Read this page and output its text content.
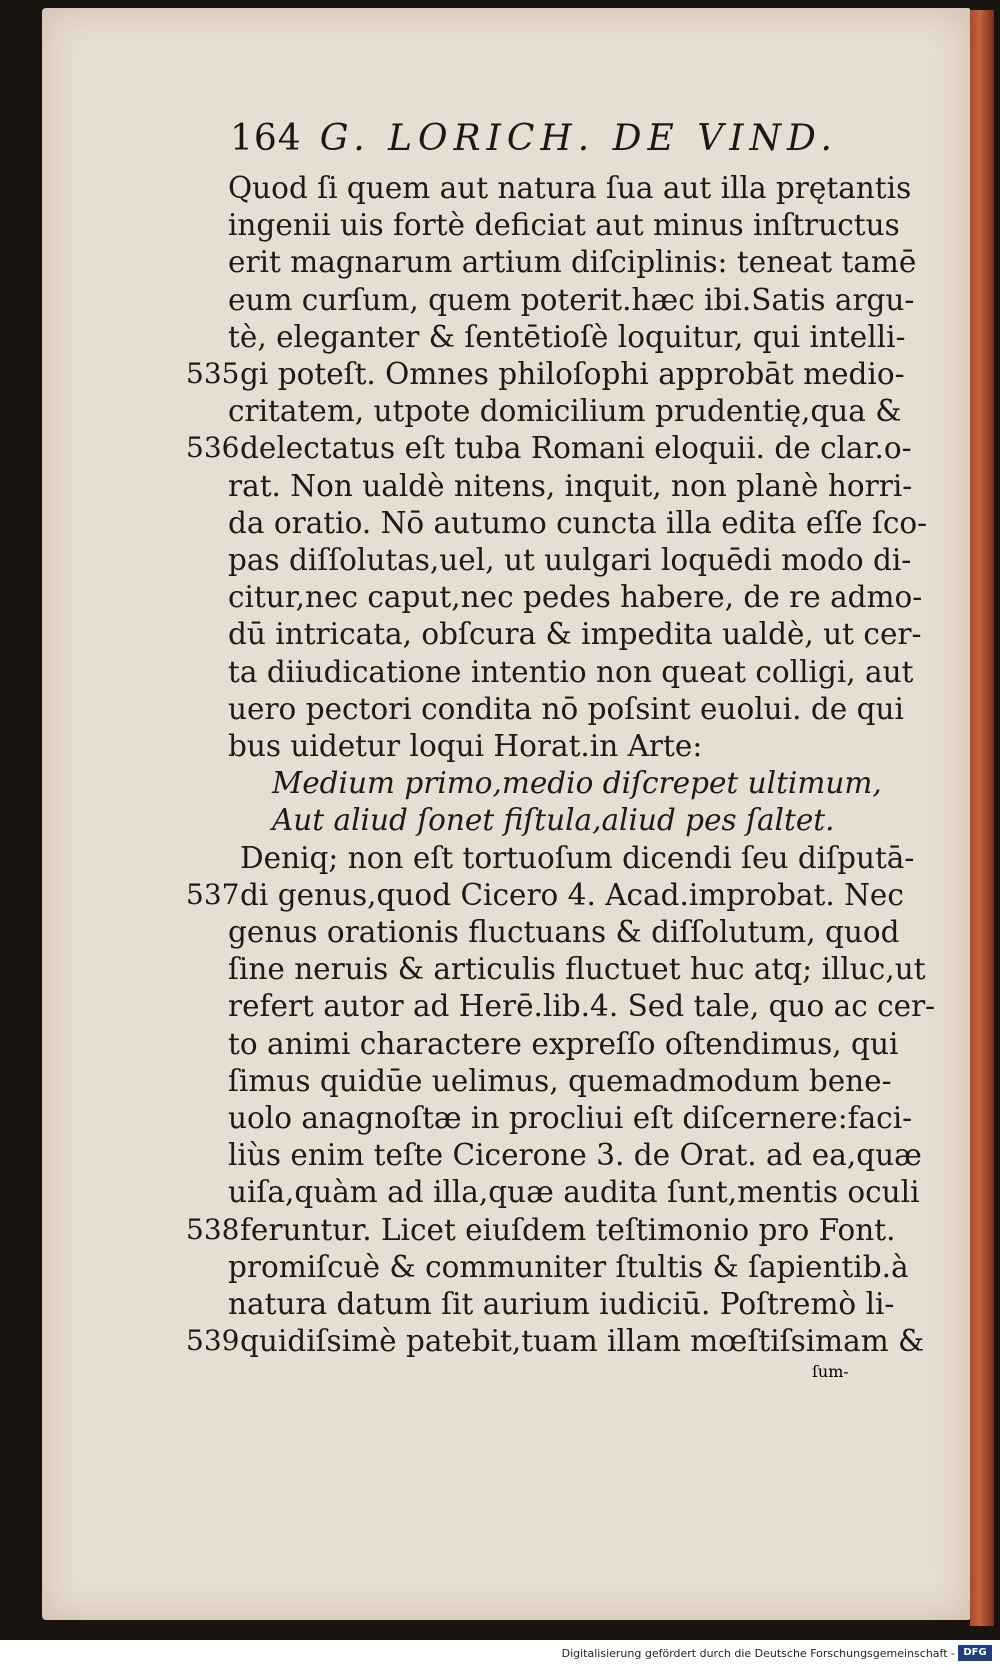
164 G. LORICH. DE VIND.
Quod ſi quem aut natura ſua aut illa prętantis
ingenii uis fortè deficiat aut minus inſtructus
erit magnarum artium diſciplinis: teneat tamē
eum curſum, quem poterit.hæc ibi.Satis argu-
tè, eleganter & ſentētioſè loquitur, qui intelli-
gi poteſt. Omnes philoſophi approbāt medio-
535
critatem, utpote domicilium prudentię,qua &
delectatus eſt tuba Romani eloquii. de clar.o-
536
rat. Non ualdè nitens, inquit, non planè horri-
da oratio. Nō autumo cuncta illa edita eſſe ſco-
pas diſſolutas,uel, ut uulgari loquēdi modo di-
citur,nec caput,nec pedes habere, de re admo-
dū intricata, obſcura & impedita ualdè, ut cer-
ta diiudicatione intentio non queat colligi, aut
uero pectori condita nō poſsint euolui. de qui
bus uidetur loqui Horat.in Arte:
Medium primo,medio diſcrepet ultimum,
Aut aliud ſonet fiſtula,aliud pes ſaltet.
Deniq; non eſt tortuoſum dicendi ſeu diſputā-
di genus,quod Cicero 4. Acad.improbat. Nec
537
genus orationis fluctuans & diſſolutum, quod
ſine neruis & articulis fluctuet huc atq; illuc,ut
refert autor ad Herē.lib.4. Sed tale, quo ac cer-
to animi charactere expreſſo oſtendimus, qui
ſimus quidūe uelimus, quemadmodum bene-
uolo anagnoſtæ in procliui eſt diſcernere:faci-
liùs enim teſte Cicerone 3. de Orat. ad ea,quæ
uiſa,quàm ad illa,quæ audita ſunt,mentis oculi
feruntur. Licet eiuſdem teſtimonio pro Font.
538
promiſcuè & communiter ſtultis & ſapientib.à
natura datum ſit aurium iudiciū. Poſtremò li-
quidiſsimè patebit,tuam illam mœſtiſsimam &
539
ſum-
Digitalisierung gefördert durch die Deutsche Forschungsgemeinschaft - DFG
